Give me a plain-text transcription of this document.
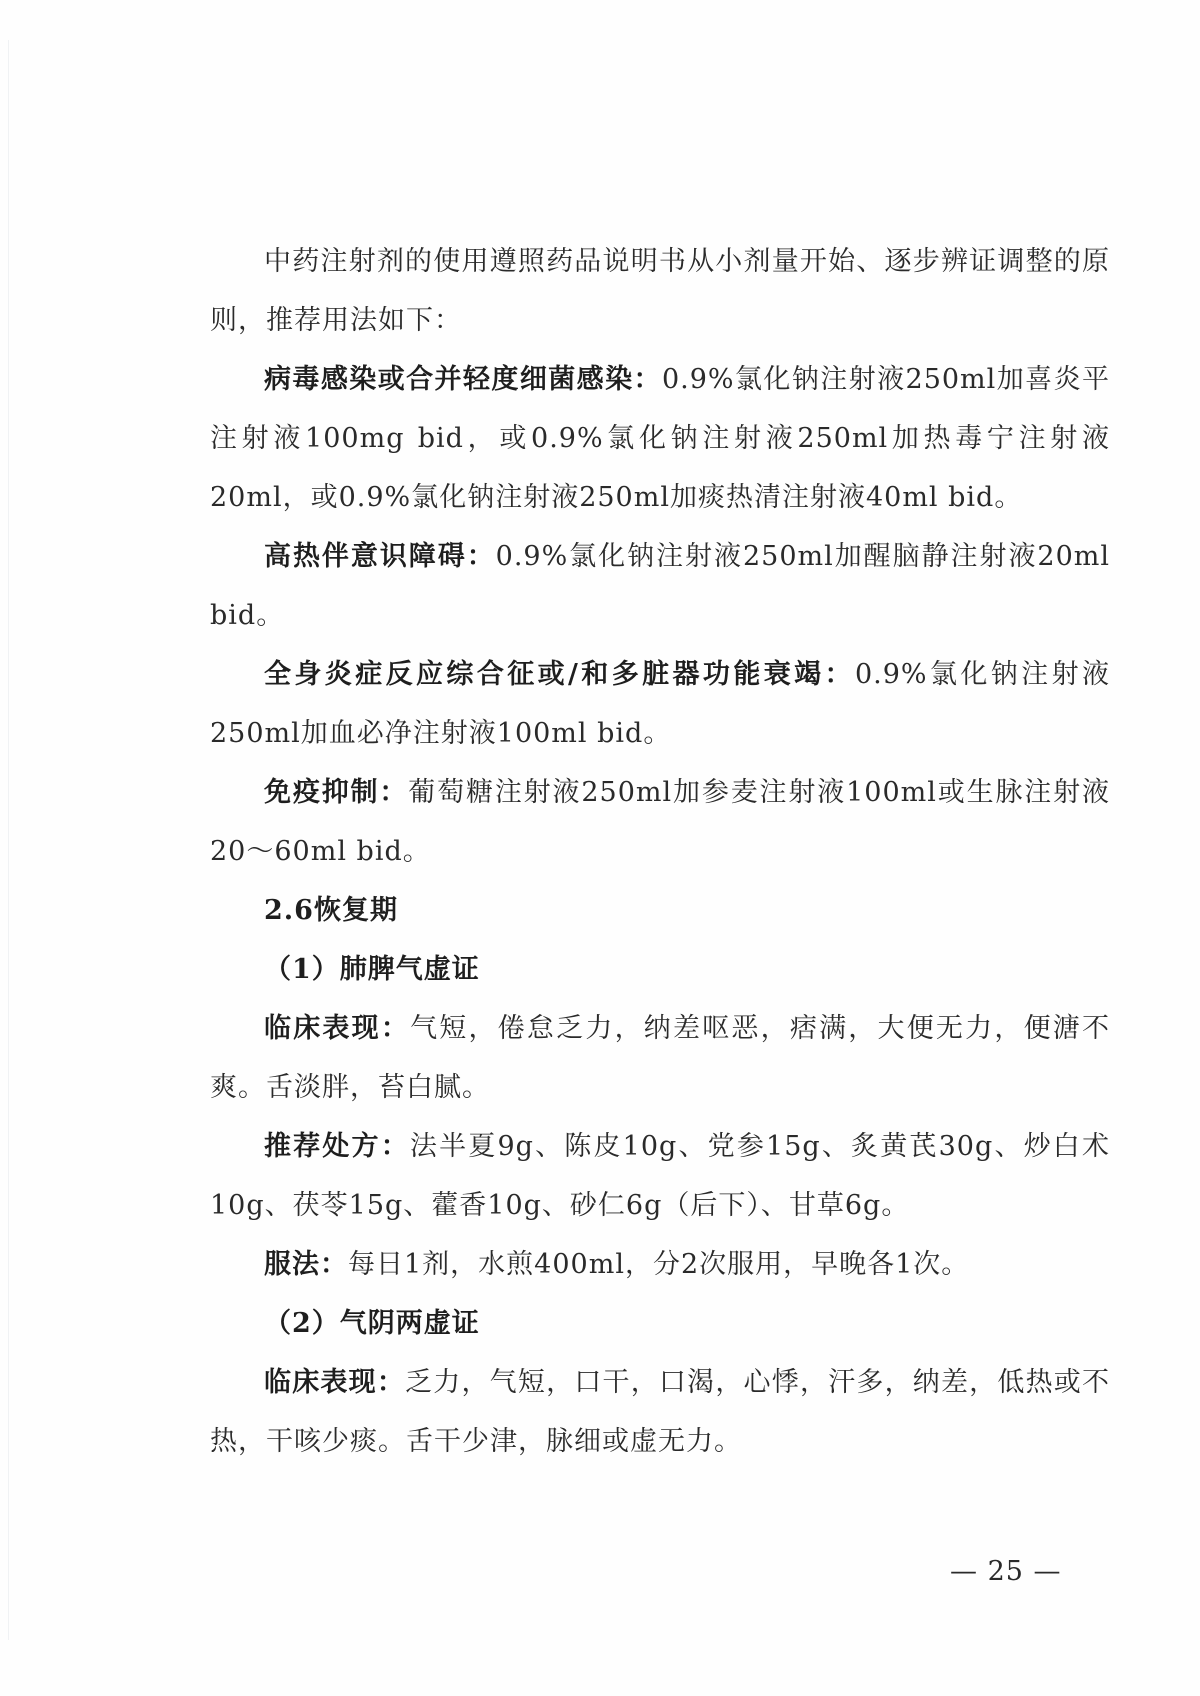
中药注射剂的使用遵照药品说明书从小剂量开始、逐步辨证调整的原则，推荐用法如下：

病毒感染或合并轻度细菌感染：0.9%氯化钠注射液250ml加喜炎平注射液100mg bid，或0.9%氯化钠注射液250ml加热毒宁注射液20ml，或0.9%氯化钠注射液250ml加痰热清注射液40ml bid。

高热伴意识障碍：0.9%氯化钠注射液250ml加醒脑静注射液20ml bid。

全身炎症反应综合征或/和多脏器功能衰竭：0.9%氯化钠注射液250ml加血必净注射液100ml bid。

免疫抑制：葡萄糖注射液250ml加参麦注射液100ml或生脉注射液20～60ml bid。

2.6恢复期

（1）肺脾气虚证

临床表现：气短，倦怠乏力，纳差呕恶，痞满，大便无力，便溏不爽。舌淡胖，苔白腻。

推荐处方：法半夏9g、陈皮10g、党参15g、炙黄芪30g、炒白术10g、茯苓15g、藿香10g、砂仁6g（后下）、甘草6g。

服法：每日1剂，水煎400ml，分2次服用，早晚各1次。

（2）气阴两虚证

临床表现：乏力，气短，口干，口渴，心悸，汗多，纳差，低热或不热，干咳少痰。舌干少津，脉细或虚无力。

— 25 —
